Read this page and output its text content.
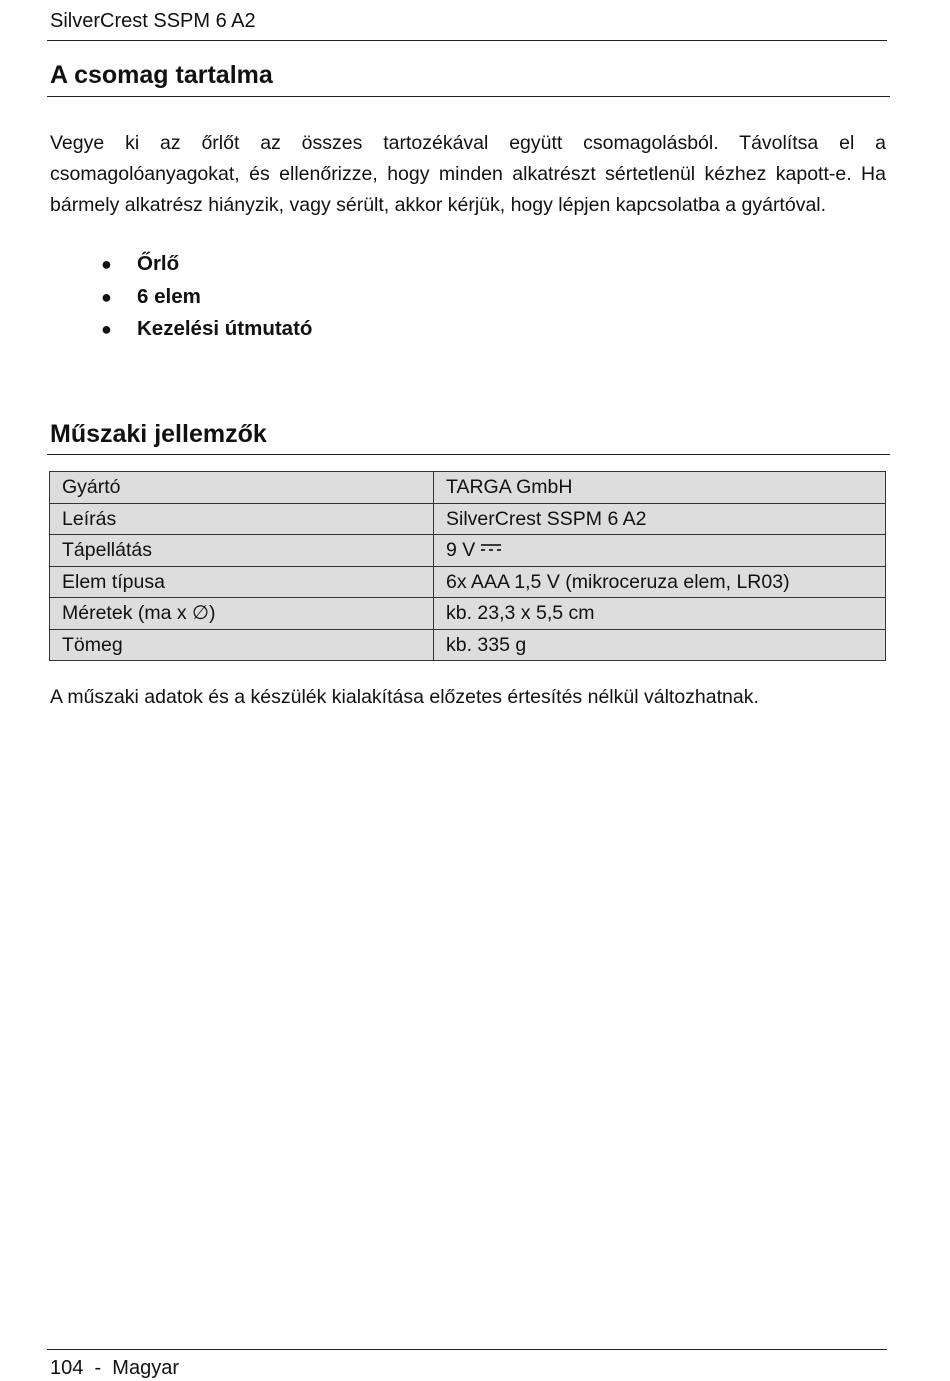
SilverCrest SSPM 6 A2
A csomag tartalma

Vegye ki az őrlőt az összes tartozékával együtt csomagolásból. Távolítsa el a csomagolóanyagokat, és ellenőrizze, hogy minden alkatrészt sértetlenül kézhez kapott-e. Ha bármely alkatrész hiányzik, vagy sérült, akkor kérjük, hogy lépjen kapcsolatba a gyártóval.

● Őrlő
● 6 elem
● Kezelési útmutató
Műszaki jellemzők
Gyártó	TARGA GmbH
Leírás	SilverCrest SSPM 6 A2
Tápellátás	9 V
Elem típusa	6x AAA 1,5 V (mikroceruza elem, LR03)
Méretek (ma x ∅)	kb. 23,3 x 5,5 cm
Tömeg	kb. 335 g

A műszaki adatok és a készülék kialakítása előzetes értesítés nélkül változhatnak.

104 - Magyar
